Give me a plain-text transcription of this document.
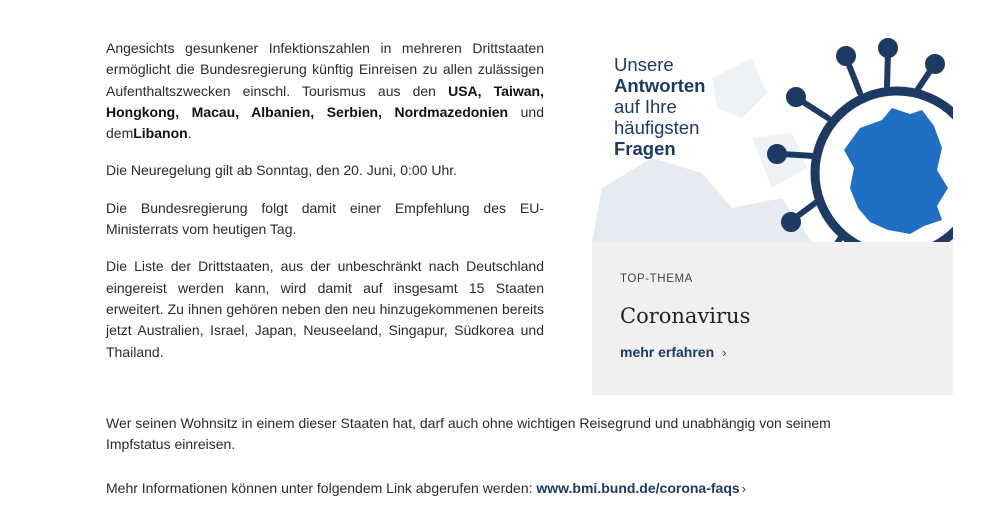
Angesichts gesunkener Infektionszahlen in mehreren Drittstaaten ermöglicht die Bundesregierung künftig Einreisen zu allen zulässigen Aufenthaltszwecken einschl. Tourismus aus den USA, Taiwan, Hongkong, Macau, Albanien, Serbien, Nordmazedonien und demLibanon.

Die Neuregelung gilt ab Sonntag, den 20. Juni, 0:00 Uhr.

Die Bundesregierung folgt damit einer Empfehlung des EU-Ministerrats vom heutigen Tag.

Die Liste der Drittstaaten, aus der unbeschränkt nach Deutschland eingereist werden kann, wird damit auf insgesamt 15 Staaten erweitert. Zu ihnen gehören neben den neu hinzugekommenen bereits jetzt Australien, Israel, Japan, Neuseeland, Singapur, Südkorea und Thailand.

Wer seinen Wohnsitz in einem dieser Staaten hat, darf auch ohne wichtigen Reisegrund und unabhängig von seinem Impfstatus einreisen.

Mehr Informationen können unter folgendem Link abgerufen werden: www.bmi.bund.de/corona-faqs ›

Unsere
Antworten
auf Ihre
häufigsten
Fragen
TOP-THEMA
Coronavirus
mehr erfahren ›
